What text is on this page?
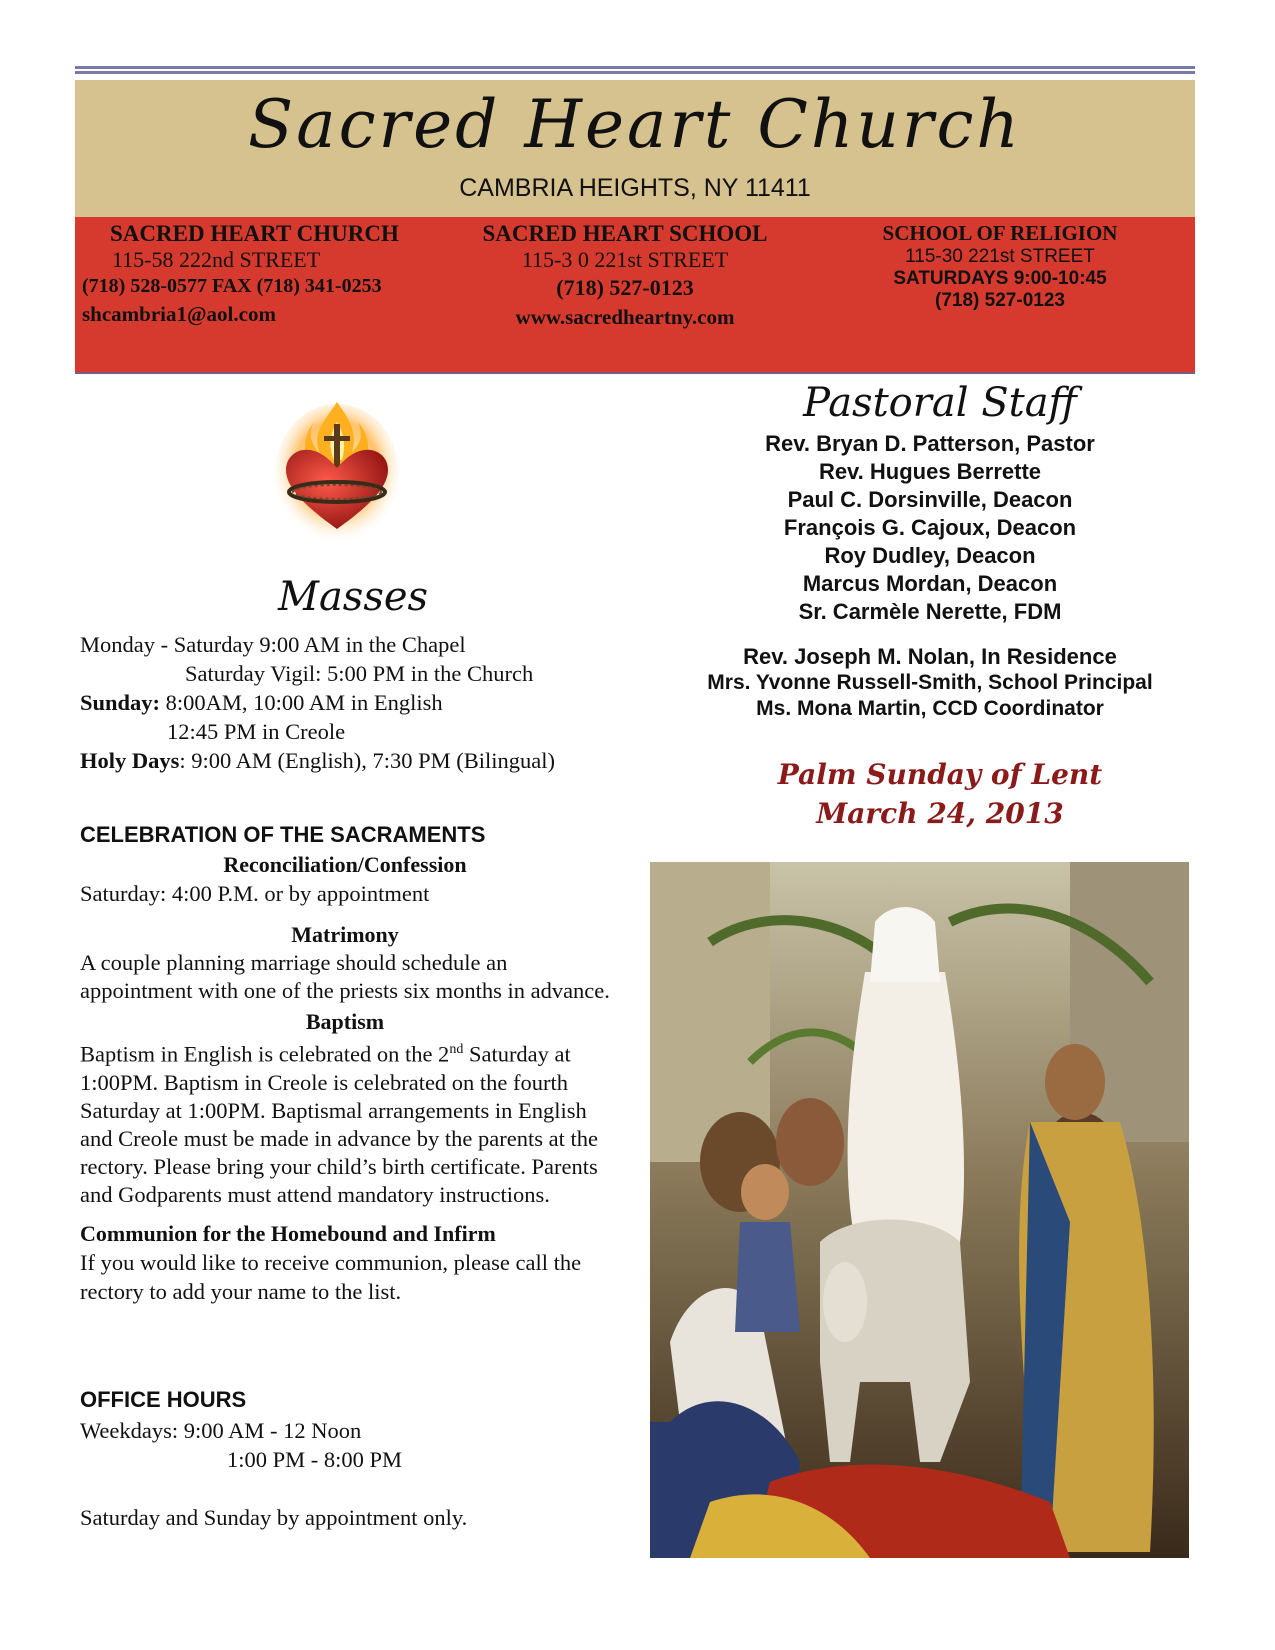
Sacred Heart Church
CAMBRIA HEIGHTS, NY 11411
SACRED HEART CHURCH
115-58 222nd STREET
(718) 528-0577 FAX (718) 341-0253
shcambria1@aol.com
SACRED HEART SCHOOL
115-3 0 221st STREET
(718) 527-0123
www.sacredheartny.com
SCHOOL OF RELIGION
115-30 221st STREET
SATURDAYS 9:00-10:45
(718) 527-0123
Masses
Monday - Saturday 9:00 AM in the Chapel
Saturday Vigil: 5:00 PM in the Church
Sunday: 8:00AM, 10:00 AM in English
12:45 PM in Creole
Holy Days: 9:00 AM (English), 7:30 PM (Bilingual)
CELEBRATION OF THE SACRAMENTS
Reconciliation/Confession
Saturday: 4:00 P.M. or by appointment
Matrimony
A couple planning marriage should schedule an appointment with one of the priests six months in advance.
Baptism
Baptism in English is celebrated on the 2nd Saturday at 1:00PM. Baptism in Creole is celebrated on the fourth Saturday at 1:00PM. Baptismal arrangements in English and Creole must be made in advance by the parents at the rectory. Please bring your child’s birth certificate. Parents and Godparents must attend mandatory instructions.
Communion for the Homebound and Infirm
If you would like to receive communion, please call the rectory to add your name to the list.
OFFICE HOURS
Weekdays: 9:00 AM - 12 Noon
1:00 PM - 8:00 PM
Saturday and Sunday by appointment only.
Pastoral Staff
Rev. Bryan D. Patterson, Pastor
Rev. Hugues Berrette
Paul C. Dorsinville, Deacon
François G. Cajoux, Deacon
Roy Dudley, Deacon
Marcus Mordan, Deacon
Sr. Carmèle Nerette, FDM
Rev. Joseph M. Nolan, In Residence
Mrs. Yvonne Russell-Smith, School Principal
Ms. Mona Martin, CCD Coordinator
Palm Sunday of Lent
March 24, 2013
